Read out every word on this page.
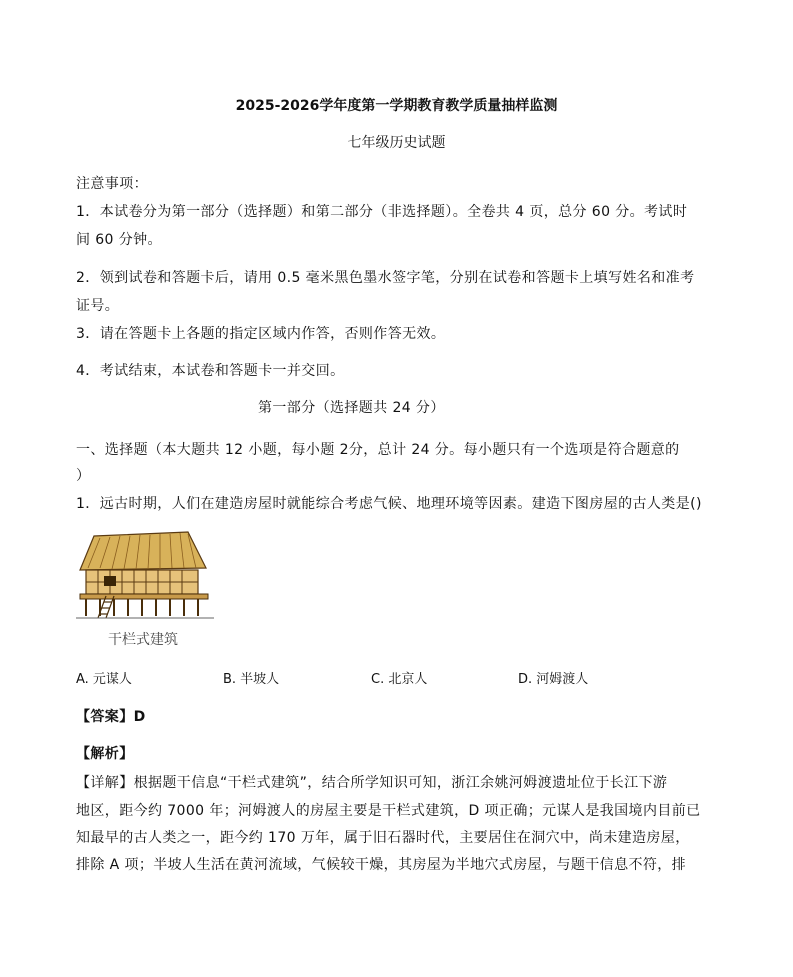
2025-2026学年度第一学期教育教学质量抽样监测
七年级历史试题
注意事项：
1．本试卷分为第一部分（选择题）和第二部分（非选择题）。全卷共 4 页，总分 60 分。考试时
间 60 分钟。
2．领到试卷和答题卡后，请用 0.5 毫米黑色墨水签字笔，分别在试卷和答题卡上填写姓名和准考
证号。
3．请在答题卡上各题的指定区域内作答，否则作答无效。
4．考试结束，本试卷和答题卡一并交回。
第一部分（选择题共 24 分）
一、选择题（本大题共 12 小题，每小题 2分，总计 24 分。每小题只有一个选项是符合题意的
）
1．远古时期，人们在建造房屋时就能综合考虑气候、地理环境等因素。建造下图房屋的古人类是()
干栏式建筑
A. 元谋人	B. 半坡人	C. 北京人	D. 河姆渡人
【答案】D
【解析】
【详解】根据题干信息“干栏式建筑”，结合所学知识可知，浙江余姚河姆渡遗址位于长江下游
地区，距今约 7000 年；河姆渡人的房屋主要是干栏式建筑，D 项正确；元谋人是我国境内目前已
知最早的古人类之一，距今约 170 万年，属于旧石器时代，主要居住在洞穴中，尚未建造房屋，
排除 A 项；半坡人生活在黄河流域，气候较干燥，其房屋为半地穴式房屋，与题干信息不符，排
